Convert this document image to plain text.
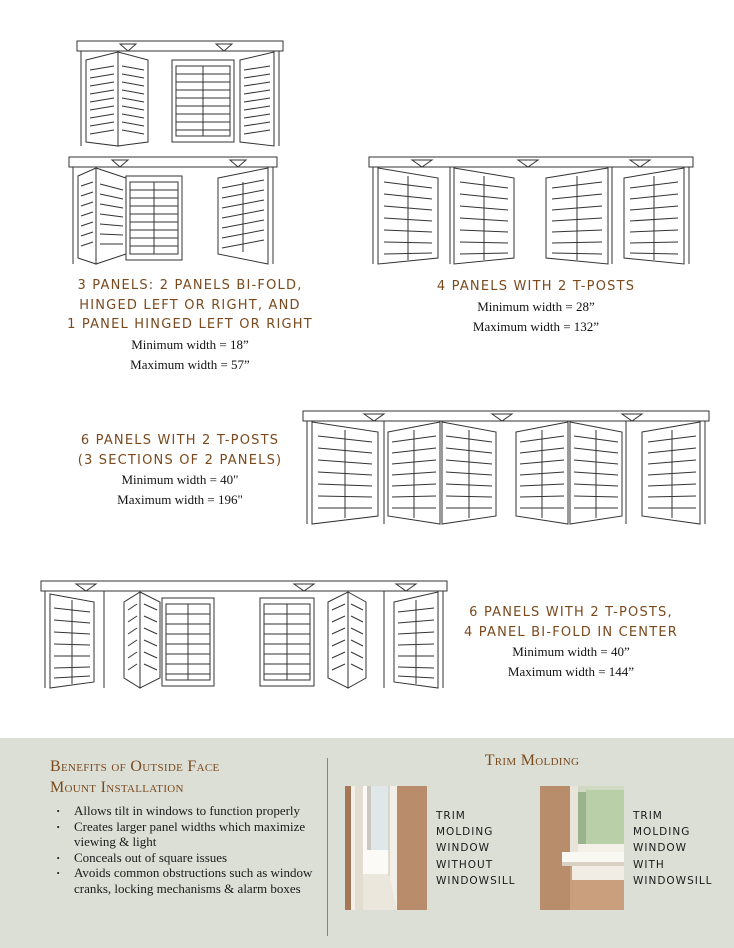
3 PANELS: 2 PANELS BI-FOLD,
HINGED LEFT OR RIGHT, AND
1 PANEL HINGED LEFT OR RIGHT
Minimum width = 18”
Maximum width = 57”
4 PANELS WITH 2 T-POSTS
Minimum width = 28”
Maximum width = 132”
6 PANELS WITH 2 T-POSTS
(3 SECTIONS OF 2 PANELS)
Minimum width = 40"
Maximum width = 196"
6 PANELS WITH 2 T-POSTS,
4 PANEL BI-FOLD IN CENTER
Minimum width = 40”
Maximum width = 144”
Benefits of Outside Face
Mount Installation
· Allows tilt in windows to function properly
· Creates larger panel widths which maximize viewing & light
· Conceals out of square issues
· Avoids common obstructions such as window cranks, locking mechanisms & alarm boxes
Trim Molding
TRIM
MOLDING
WINDOW
WITHOUT
WINDOWSILL
TRIM
MOLDING
WINDOW
WITH
WINDOWSILL
